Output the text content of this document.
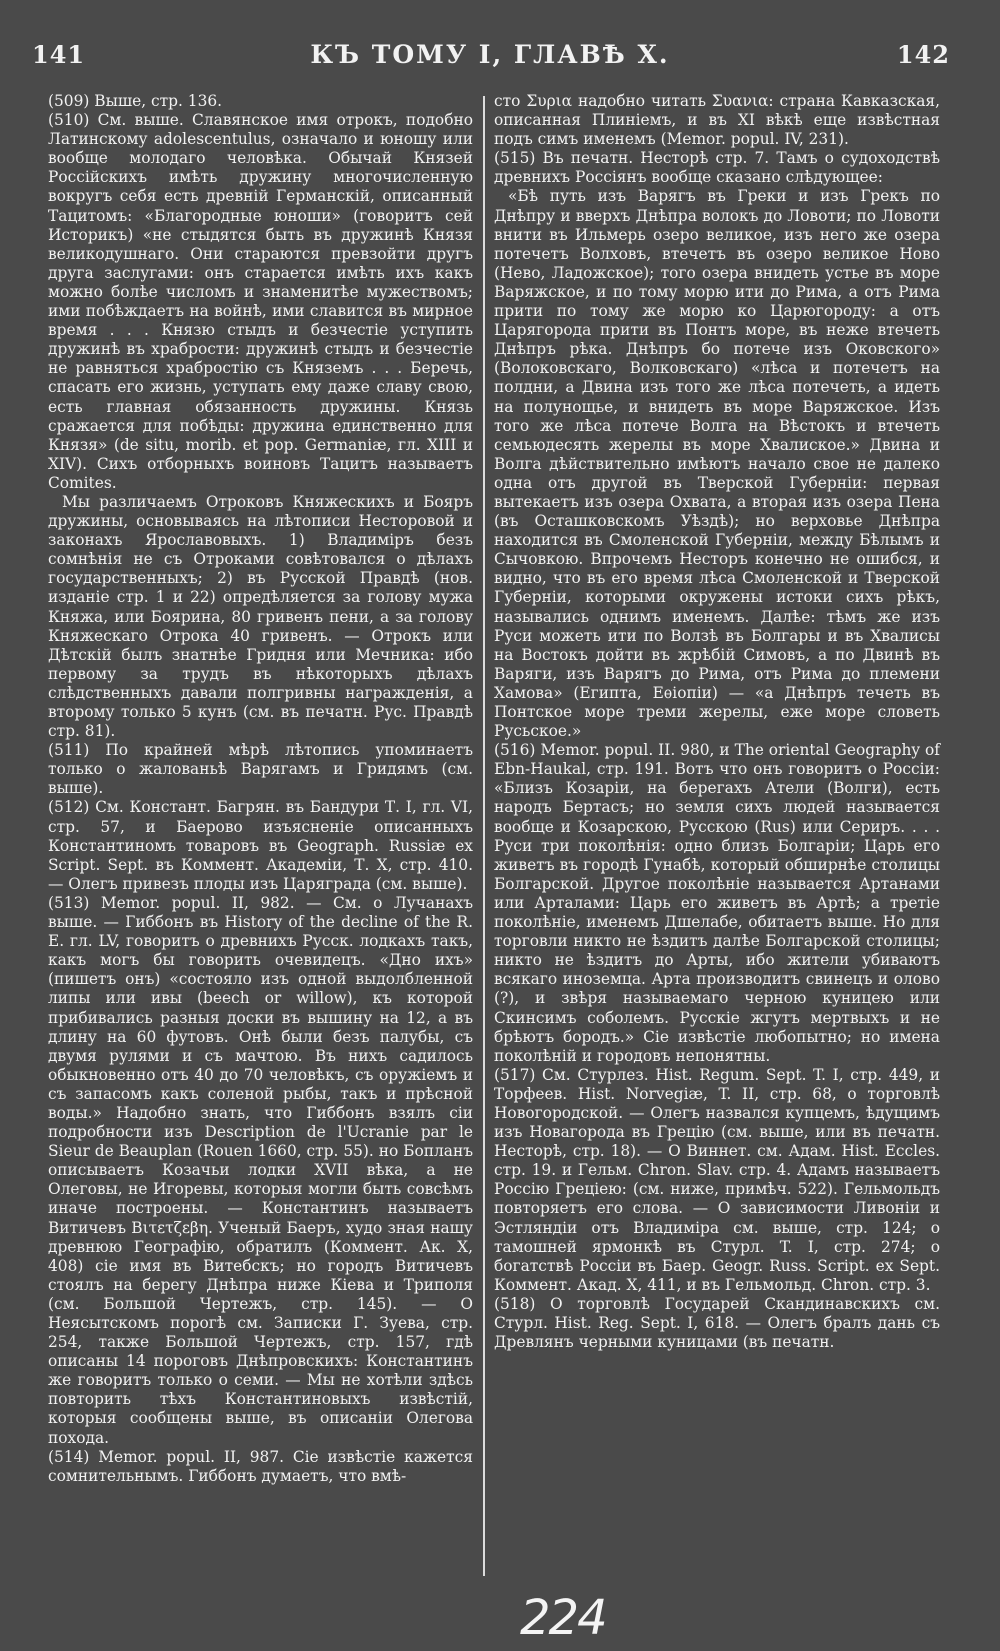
141	КЪ ТОМУ I, ГЛАВѢ X.	142

(509) Выше, стр. 136.

(510) См. выше. Славянское имя отрокъ, подобно Латинскому adolescentulus, означало и юношу или вообще молодаго человѣка. Обычай Князей Россійскихъ имѣть дружину многочисленную вокругъ себя есть древній Германскій, описанный Тацитомъ: «Благородные юноши» (говоритъ сей Историкъ) «не стыдятся быть въ дружинѣ Князя великодушнаго. Они стараются превзойти другъ друга заслугами: онъ старается имѣть ихъ какъ можно болѣе числомъ и знаменитѣе мужествомъ; ими побѣждаетъ на войнѣ, ими славится въ мирное время . . . Князю стыдъ и безчестіе уступить дружинѣ въ храбрости: дружинѣ стыдъ и безчестіе не равняться храбростію съ Княземъ . . . Беречь, спасать его жизнь, уступать ему даже славу свою, есть главная обязанность дружины. Князь сражается для побѣды: дружина единственно для Князя» (de situ, morib. et pop. Germaniæ, гл. XIII и XIV). Сихъ отборныхъ воиновъ Тацитъ называетъ Comites.

Мы различаемъ Отроковъ Княжескихъ и Бояръ дружины, основываясь на лѣтописи Несторовой и законахъ Ярославовыхъ. 1) Владиміръ безъ сомнѣнія не съ Отроками совѣтовался о дѣлахъ государственныхъ; 2) въ Русской Правдѣ (нов. изданіе стр. 1 и 22) опредѣляется за голову мужа Княжа, или Боярина, 80 гривенъ пени, а за голову Княжескаго Отрока 40 гривенъ. — Отрокъ или Дѣтскій былъ знатнѣе Гридня или Мечника: ибо первому за трудъ въ нѣкоторыхъ дѣлахъ слѣдственныхъ давали полгривны награжденія, а второму только 5 кунъ (см. въ печатн. Рус. Правдѣ стр. 81).

(511) По крайней мѣрѣ лѣтопись упоминаетъ только о жалованьѣ Варягамъ и Гридямъ (см. выше).

(512) См. Констант. Багрян. въ Бандури Т. I, гл. VI, стр. 57, и Баерово изъясненіе описанныхъ Константиномъ товаровъ въ Geograph. Russiæ ex Script. Sept. въ Коммент. Академіи, Т. X, стр. 410. — Олегъ привезъ плоды изъ Царяграда (см. выше).

(513) Memor. popul. II, 982. — См. о Лучанахъ выше. — Гиббонъ въ History of the decline of the R. E. гл. LV, говоритъ о древнихъ Русск. лодкахъ такъ, какъ могъ бы говорить очевидецъ. «Дно ихъ» (пишетъ онъ) «состояло изъ одной выдолбленной липы или ивы (beech or willow), къ которой прибивались разныя доски въ вышину на 12, а въ длину на 60 футовъ. Онѣ были безъ палубы, съ двумя рулями и съ мачтою. Въ нихъ садилось обыкновенно отъ 40 до 70 человѣкъ, съ оружіемъ и съ запасомъ какъ соленой рыбы, такъ и прѣсной воды.» Надобно знать, что Гиббонъ взялъ сіи подробности изъ Description de l'Ucranie par le Sieur de Beauplan (Rouen 1660, стр. 55). но Бопланъ описываетъ Козачьи лодки XVII вѣка, а не Олеговы, не Игоревы, которыя могли быть совсѣмъ иначе построены. — Константинъ называетъ Витичевъ Βιτετζεβη. Ученый Баеръ, худо зная нашу древнюю Географію, обратилъ (Коммент. Ак. X, 408) сіе имя въ Витебскъ; но городъ Витичевъ стоялъ на берегу Днѣпра ниже Кіева и Триполя (см. Большой Чертежъ, стр. 145). — О Неясытскомъ порогѣ см. Записки Г. Зуева, стр. 254, также Большой Чертежъ, стр. 157, гдѣ описаны 14 пороговъ Днѣпровскихъ: Константинъ же говоритъ только о семи. — Мы не хотѣли здѣсь повторить тѣхъ Константиновыхъ извѣстій, которыя сообщены выше, въ описаніи Олегова похода.

(514) Memor. popul. II, 987. Сіе извѣстіе кажется сомнительнымъ. Гиббонъ думаетъ, что вмѣ-

сто Συρια надобно читать Συανια: страна Кавказская, описанная Плиніемъ, и въ XI вѣкѣ еще извѣстная подъ симъ именемъ (Memor. popul. IV, 231).

(515) Въ печатн. Несторѣ стр. 7. Тамъ о судоходствѣ древнихъ Россіянъ вообще сказано слѣдующее:

«Бѣ путь изъ Варягъ въ Греки и изъ Грекъ по Днѣпру и вверхъ Днѣпра волокъ до Ловоти; по Ловоти внити въ Ильмерь озеро великое, изъ него же озера потечетъ Волховъ, втечетъ въ озеро великое Ново (Нево, Ладожское); того озера внидеть устье въ море Варяжское, и по тому морю ити до Рима, а отъ Рима прити по тому же морю ко Царюгороду: а отъ Царягорода прити въ Понтъ море, въ неже втечеть Днѣпръ рѣка. Днѣпръ бо потече изъ Оковского» (Волоковскаго, Волковскаго) «лѣса и потечетъ на полдни, а Двина изъ того же лѣса потечеть, а идеть на полунощье, и внидеть въ море Варяжское. Изъ того же лѣса потече Волга на Вѣстокъ и втечеть семьюдесять жерелы въ море Хвалиское.» Двина и Волга дѣйствительно имѣютъ начало свое не далеко одна отъ другой въ Тверской Губерніи: первая вытекаетъ изъ озера Охвата, а вторая изъ озера Пена (въ Осташковскомъ Уѣздѣ); но верховье Днѣпра находится въ Смоленской Губерніи, между Бѣлымъ и Сычовкою. Впрочемъ Несторъ конечно не ошибся, и видно, что въ его время лѣса Смоленской и Тверской Губерніи, которыми окружены истоки сихъ рѣкъ, назывались однимъ именемъ. Далѣе: тѣмъ же изъ Руси можеть ити по Волзѣ въ Болгары и въ Хвалисы на Востокъ дойти въ жрѣбій Симовъ, а по Двинѣ въ Варяги, изъ Варягъ до Рима, отъ Рима до племени Хамова» (Египта, Еѳіопіи) — «а Днѣпръ течеть въ Понтское море треми жерелы, еже море словеть Русьское.»

(516) Memor. popul. II. 980, и The oriental Geography of Ebn-Haukal, стр. 191. Вотъ что онъ говоритъ о Россіи: «Близъ Козаріи, на берегахъ Атели (Волги), есть народъ Бертасъ; но земля сихъ людей называется вообще и Козарскою, Русскою (Rus) или Сериръ. . . . Руси три поколѣнія: одно близъ Болгаріи; Царь его живетъ въ городѣ Гунабѣ, который обширнѣе столицы Болгарской. Другое поколѣніе называется Артанами или Арталами: Царь его живетъ въ Артѣ; а третіе поколѣніе, именемъ Дшелабе, обитаетъ выше. Но для торговли никто не ѣздитъ далѣе Болгарской столицы; никто не ѣздитъ до Арты, ибо жители убиваютъ всякаго иноземца. Арта производитъ свинецъ и олово (?), и звѣря называемаго черною куницею или Скинсимъ соболемъ. Русскіе жгутъ мертвыхъ и не брѣютъ бородъ.» Сіе извѣстіе любопытно; но имена поколѣній и городовъ непонятны.

(517) См. Стурлез. Hist. Regum. Sept. T. I, стр. 449, и Торфеев. Hist. Norvegiæ, T. II, стр. 68, о торговлѣ Новогородской. — Олегъ назвался купцемъ, ѣдущимъ изъ Новагорода въ Грецію (см. выше, или въ печатн. Несторѣ, стр. 18). — О Виннет. см. Адам. Hist. Eccles. стр. 19. и Гельм. Chron. Slav. стр. 4. Адамъ называетъ Россію Греціею: (см. ниже, примѣч. 522). Гельмольдъ повторяетъ его слова. — О зависимости Ливоніи и Эстляндіи отъ Владиміра см. выше, стр. 124; о тамошней ярмонкѣ въ Стурл. T. I, стр. 274; о богатствѣ Россіи въ Баер. Geogr. Russ. Script. ex Sept. Коммент. Акад. X, 411, и въ Гельмольд. Chron. стр. 3.

(518) О торговлѣ Государей Скандинавскихъ см. Стурл. Hist. Reg. Sept. I, 618. — Олегъ бралъ дань съ Древлянъ черными куницами (въ печатн.

224
